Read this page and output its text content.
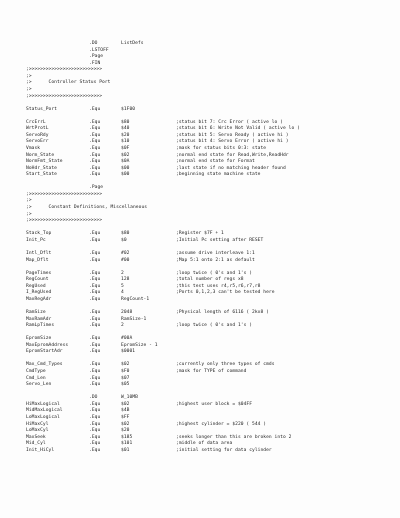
.DO	ListDefs
.LSTOFF
.Page
.FIN
;>>>>>>>>>>>>>>>>>>>>>>>>>>
;>
;>      Controller Status Port
;>
;>>>>>>>>>>>>>>>>>>>>>>>>>>
Status_Port	.Equ	$1F00
CrcErrL	.Equ	$80	;status bit 7: Crc Error ( active lo )
WrtProtL	.Equ	$40	;status bit 6: Write Not Valid ( active lo )
ServoRdy	.Equ	$20	;status bit 5: Servo Ready ( active hi )
ServoErr	.Equ	$10	;status bit 4: Servo Error ( active hi )
Vmask	.Equ	$0F	;mask for status bits 0:3: state
Norm_State	.Equ	$02	;normal end state for Read,Write,ReadHdr
NormFmt_State	.Equ	$0A	;normal end state for Format
NoHdr_State	.Equ	$00	;last state if no matching header found
Start_State	.Equ	$00	;beginning state machine state
.Page
;>>>>>>>>>>>>>>>>>>>>>>>>>>
;>
;>      Constant Definitions, Miscellaneous
;>
;>>>>>>>>>>>>>>>>>>>>>>>>>>
Stack_Top	.Equ	$80	;Register $7F + 1
Init_Pc	.Equ	$0	;Initial Pc setting after RESET
Intl_Dflt	.Equ	#02	;assume drive interleave 1:1
Map_Dflt	.Equ	#00	;Map 5:1 onto 2:1 as default
PageTimes	.Equ	2	;loop twice ( 0's and 1's )
RegCount	.Equ	128	;total number of regs x8
RegUsed	.Equ	5	;this test uses r4,r5,r6,r7,r8
I_RegUsed	.Equ	4	;Ports 0,1,2,3 can't be tested here
MaxRegAdr	.Equ	RegCount-1
RamSize	.Equ	2048	;Physical length of 6116 ( 2kx8 )
MaxRamAdr	.Equ	RamSize-1
RamLpTimes	.Equ	2	;loop twice ( 0's and 1's )
EpromSize	.Equ	#00A
MaxEpromAddress	.Equ	EpromSize - 1
EpromStartAdr	.Equ	$0001
Max_Cmd_Types	.Equ	$02	;currently only three types of cmds
CmdType	.Equ	$F0	;mask for TYPE of command
Cmd_Len	.Equ	$07
Servo_Len	.Equ	$05
.DO	W_10MB
HiMaxLogical	.Equ	$02	;highest user block = $04FF
MidMaxLogical	.Equ	$4B
LoMaxLogical	.Equ	$FF
HiMaxCyl	.Equ	$02	;highest cylinder = $220 ( 544 )
LoMaxCyl	.Equ	$20
MaxSeek	.Equ	$185	;seeks longer than this are broken into 2
Mid_Cyl	.Equ	$101	;middle of data area
Init_HiCyl	.Equ	$01	;initial setting for data cylinder
